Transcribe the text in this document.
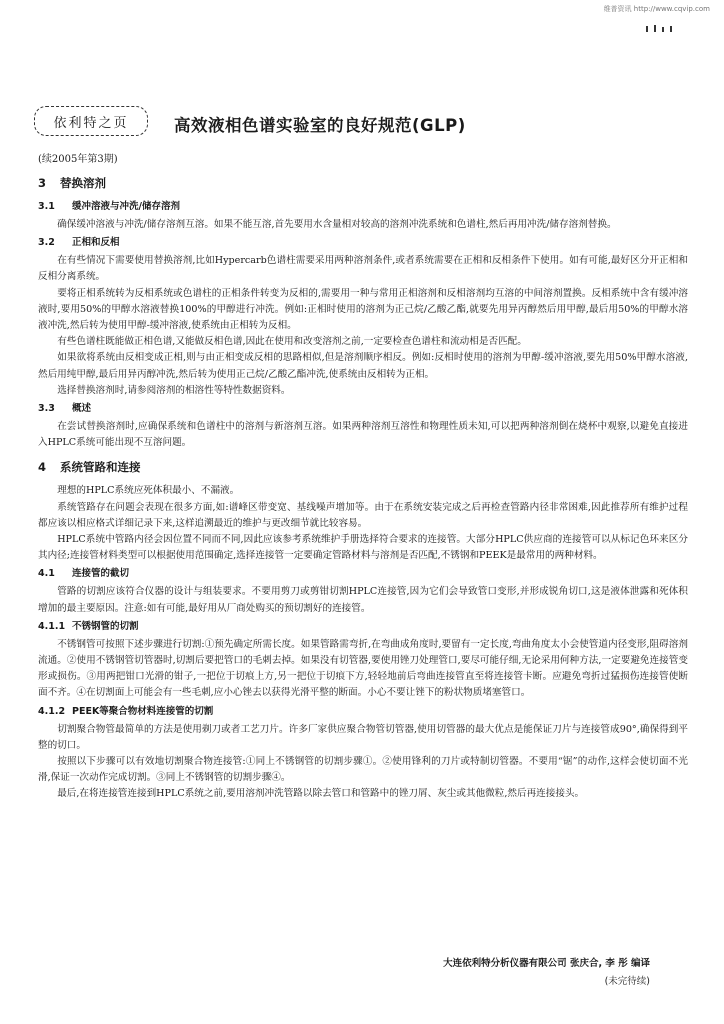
维普资讯 http://www.cqvip.com
依利特之页	高效液相色谱实验室的良好规范(GLP)
(续2005年第3期)
3 替换溶剂
3.1 缓冲溶液与冲洗/储存溶剂

确保缓冲溶液与冲洗/储存溶剂互溶。如果不能互溶,首先要用水含量相对较高的溶剂冲洗系统和色谱柱,然后再用冲洗/储存溶剂替换。

3.2 正相和反相

在有些情况下需要使用替换溶剂,比如Hypercarb色谱柱需要采用两种溶剂条件,或者系统需要在正相和反相条件下使用。如有可能,最好区分开正相和反相分离系统。

要将正相系统转为反相系统或色谱柱的正相条件转变为反相的,需要用一种与常用正相溶剂和反相溶剂均互溶的中间溶剂置换。反相系统中含有缓冲溶液时,要用50%的甲醇水溶液替换100%的甲醇进行冲洗。例如:正相时使用的溶剂为正己烷/乙酸乙酯,就要先用异丙醇然后用甲醇,最后用50%的甲醇水溶液冲洗,然后转为使用甲醇-缓冲溶液,使系统由正相转为反相。

有些色谱柱既能做正相色谱,又能做反相色谱,因此在使用和改变溶剂之前,一定要检查色谱柱和流动相是否匹配。

如果欲将系统由反相变成正相,则与由正相变成反相的思路相似,但是溶剂顺序相反。例如:反相时使用的溶剂为甲醇-缓冲溶液,要先用50%甲醇水溶液,然后用纯甲醇,最后用异丙醇冲洗,然后转为使用正己烷/乙酸乙酯冲洗,使系统由反相转为正相。

选择替换溶剂时,请参阅溶剂的相溶性等特性数据资料。

3.3 概述

在尝试替换溶剂时,应确保系统和色谱柱中的溶剂与新溶剂互溶。如果两种溶剂互溶性和物理性质未知,可以把两种溶剂倒在烧杯中观察,以避免直接进入HPLC系统可能出现不互溶问题。

4 系统管路和连接

理想的HPLC系统应死体积最小、不漏液。

系统管路存在问题会表现在很多方面,如:谱峰区带变宽、基线噪声增加等。由于在系统安装完成之后再检查管路内径非常困难,因此推荐所有维护过程都应该以相应格式详细记录下来,这样追溯最近的维护与更改细节就比较容易。

HPLC系统中管路内径会因位置不同而不同,因此应该参考系统维护手册选择符合要求的连接管。大部分HPLC供应商的连接管可以从标记色环来区分其内径;连接管材料类型可以根据使用范围确定,选择连接管一定要确定管路材料与溶剂是否匹配,不锈钢和PEEK是最常用的两种材料。

4.1 连接管的截切

管路的切割应该符合仪器的设计与组装要求。不要用剪刀或剪钳切割HPLC连接管,因为它们会导致管口变形,并形成锐角切口,这是液体泄露和死体积增加的最主要原因。注意:如有可能,最好用从厂商处购买的预切割好的连接管。

4.1.1 不锈钢管的切割

不锈钢管可按照下述步骤进行切割:①预先确定所需长度。如果管路需弯折,在弯曲成角度时,要留有一定长度,弯曲角度太小会使管道内径变形,阻碍溶剂流通。②使用不锈钢管切管器时,切割后要把管口的毛刺去掉。如果没有切管器,要使用锉刀处理管口,要尽可能仔细,无论采用何种方法,一定要避免连接管变形或损伤。③用两把钳口光滑的钳子,一把位于切痕上方,另一把位于切痕下方,轻轻地前后弯曲连接管直至将连接管卡断。应避免弯折过猛损伤连接管使断面不齐。④在切割面上可能会有一些毛刺,应小心锉去以获得光滑平整的断面。小心不要让锉下的粉状物质堵塞管口。

4.1.2 PEEK等聚合物材料连接管的切割

切割聚合物管最简单的方法是使用剃刀或者工艺刀片。许多厂家供应聚合物管切管器,使用切管器的最大优点是能保证刀片与连接管成90°,确保得到平整的切口。

按照以下步骤可以有效地切割聚合物连接管:①同上不锈钢管的切割步骤①。②使用锋利的刀片或特制切管器。不要用“锯”的动作,这样会使切面不光滑,保证一次动作完成切割。③同上不锈钢管的切割步骤④。

最后,在将连接管连接到HPLC系统之前,要用溶剂冲洗管路以除去管口和管路中的锉刀屑、灰尘或其他微粒,然后再连接接头。

大连依利特分析仪器有限公司 张庆合, 李 彤 编译
(未完待续)
